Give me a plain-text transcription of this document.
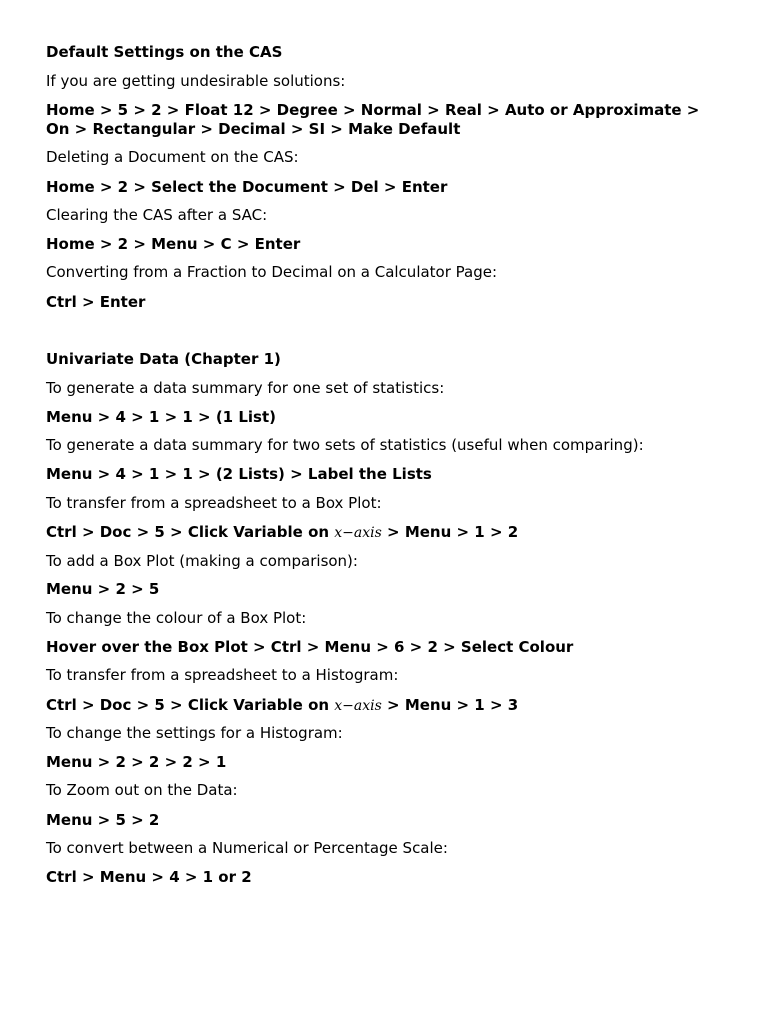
Default Settings on the CAS
If you are getting undesirable solutions:
Home > 5 > 2 > Float 12 > Degree > Normal > Real > Auto or Approximate > On > Rectangular > Decimal > SI > Make Default
Deleting a Document on the CAS:
Home > 2 > Select the Document > Del > Enter
Clearing the CAS after a SAC:
Home > 2 > Menu > C > Enter
Converting from a Fraction to Decimal on a Calculator Page:
Ctrl > Enter
Univariate Data (Chapter 1)
To generate a data summary for one set of statistics:
Menu > 4 > 1 > 1 > (1 List)
To generate a data summary for two sets of statistics (useful when comparing):
Menu > 4 > 1 > 1 > (2 Lists) > Label the Lists
To transfer from a spreadsheet to a Box Plot:
Ctrl > Doc > 5 > Click Variable on x−axis > Menu > 1 > 2
To add a Box Plot (making a comparison):
Menu > 2 > 5
To change the colour of a Box Plot:
Hover over the Box Plot > Ctrl > Menu > 6 > 2 > Select Colour
To transfer from a spreadsheet to a Histogram:
Ctrl > Doc > 5 > Click Variable on x−axis > Menu > 1 > 3
To change the settings for a Histogram:
Menu > 2 > 2 > 2 > 1
To Zoom out on the Data:
Menu > 5 > 2
To convert between a Numerical or Percentage Scale:
Ctrl > Menu > 4 > 1 or 2
